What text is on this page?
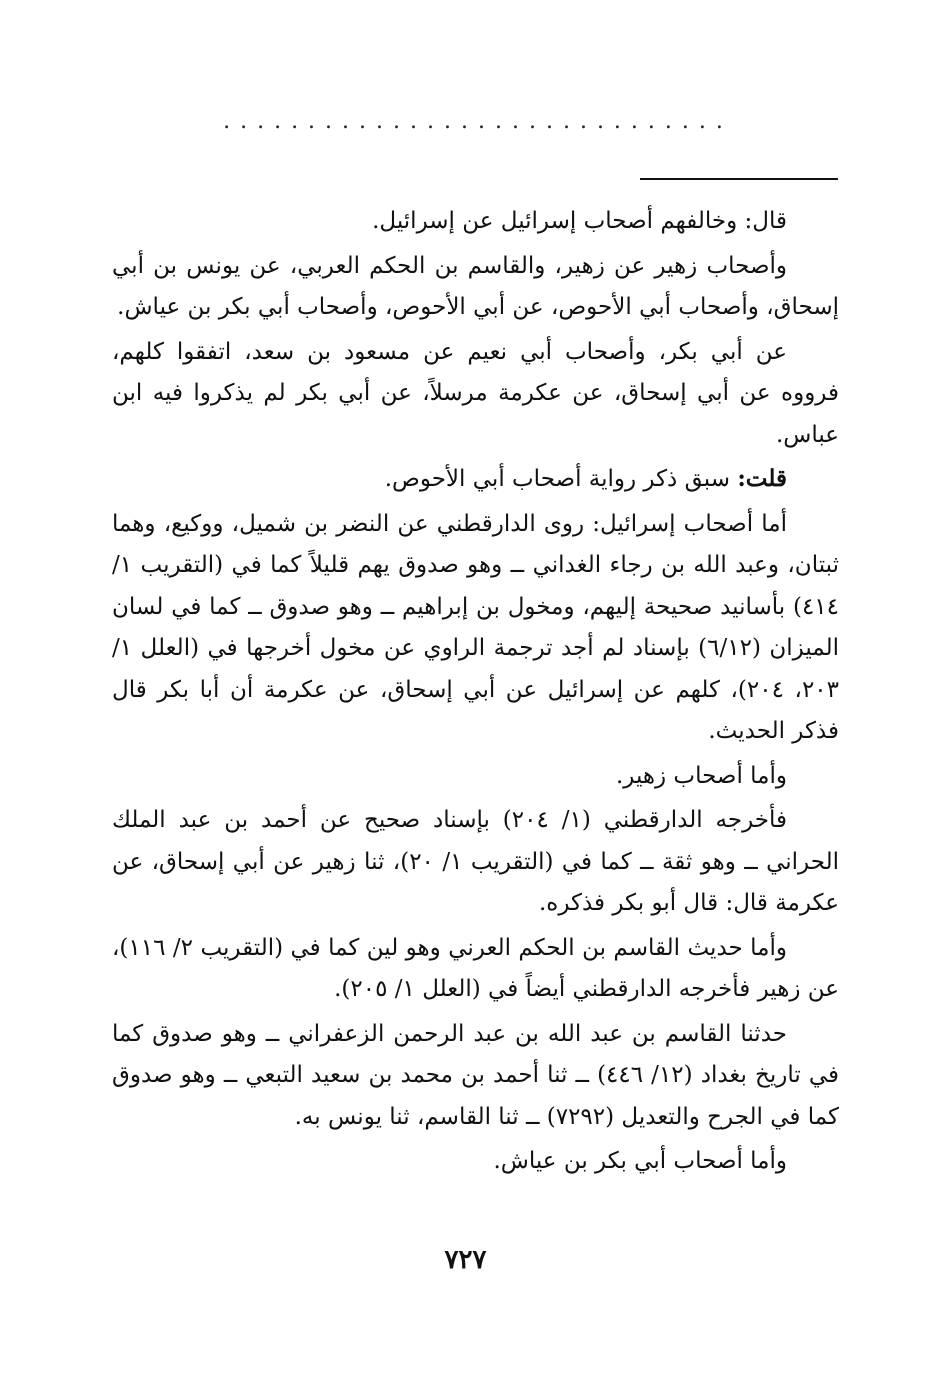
..............................

قال: وخالفهم أصحاب إسرائيل عن إسرائيل.

وأصحاب زهير عن زهير، والقاسم بن الحكم العربي، عن يونس بن أبي إسحاق، وأصحاب أبي الأحوص، عن أبي الأحوص، وأصحاب أبي بكر بن عياش.

عن أبي بكر، وأصحاب أبي نعيم عن مسعود بن سعد، اتفقوا كلهم، فرووه عن أبي إسحاق، عن عكرمة مرسلاً، عن أبي بكر لم يذكروا فيه ابن عباس.

قلت: سبق ذكر رواية أصحاب أبي الأحوص.

أما أصحاب إسرائيل: روى الدارقطني عن النضر بن شميل، ووكيع، وهما ثبتان، وعبد الله بن رجاء الغداني ــ وهو صدوق يهم قليلاً كما في (التقريب ١/ ٤١٤) بأسانيد صحيحة إليهم، ومخول بن إبراهيم ــ وهو صدوق ــ كما في لسان الميزان (٦/١٢) بإسناد لم أجد ترجمة الراوي عن مخول أخرجها في (العلل ١/ ٢٠٣، ٢٠٤)، كلهم عن إسرائيل عن أبي إسحاق، عن عكرمة أن أبا بكر قال فذكر الحديث.

وأما أصحاب زهير.

فأخرجه الدارقطني (١/ ٢٠٤) بإسناد صحيح عن أحمد بن عبد الملك الحراني ــ وهو ثقة ــ كما في (التقريب ١/ ٢٠)، ثنا زهير عن أبي إسحاق، عن عكرمة قال: قال أبو بكر فذكره.

وأما حديث القاسم بن الحكم العرني وهو لين كما في (التقريب ٢/ ١١٦)، عن زهير فأخرجه الدارقطني أيضاً في (العلل ١/ ٢٠٥).

حدثنا القاسم بن عبد الله بن عبد الرحمن الزعفراني ــ وهو صدوق كما في تاريخ بغداد (١٢/ ٤٤٦) ــ ثنا أحمد بن محمد بن سعيد التبعي ــ وهو صدوق كما في الجرح والتعديل (٧٢٩٢) ــ ثنا القاسم، ثنا يونس به.

وأما أصحاب أبي بكر بن عياش.

٧٢٧
